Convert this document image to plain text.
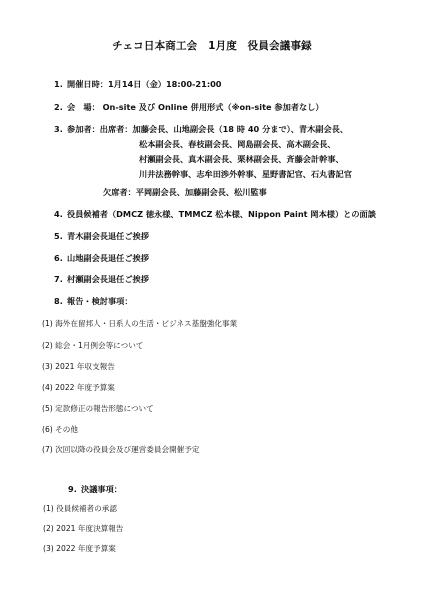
チェコ日本商工会　1月度　役員会議事録
1. 開催日時：1月14日（金）18:00-21:00
2. 会　場： On-site 及び Online 併用形式（※on-site 参加者なし）
3. 参加者：出席者：加藤会長、山地副会長（18 時 40 分まで）、青木副会長、
松本副会長、春枝副会長、岡島副会長、高木副会長、
村瀬副会長、真木副会長、栗林副会長、斉藤会計幹事、
川井法務幹事、志牟田渉外幹事、星野書記官、石丸書記官
欠席者：平岡副会長、加藤副会長、松川監事
4. 役員候補者（DMCZ 徳永様、TMMCZ 松本様、Nippon Paint 岡本様）との面談
5. 青木副会長退任ご挨拶
6. 山地副会長退任ご挨拶
7. 村瀬副会長退任ご挨拶
8. 報告・検討事項：
(1) 海外在留邦人・日系人の生活・ビジネス基盤強化事業
(2) 総会・1月例会等について
(3) 2021 年収支報告
(4) 2022 年度予算案
(5) 定款修正の報告形態について
(6) その他
(7) 次回以降の役員会及び運営委員会開催予定
9. 決議事項：
(1) 役員候補者の承認
(2) 2021 年度決算報告
(3) 2022 年度予算案
